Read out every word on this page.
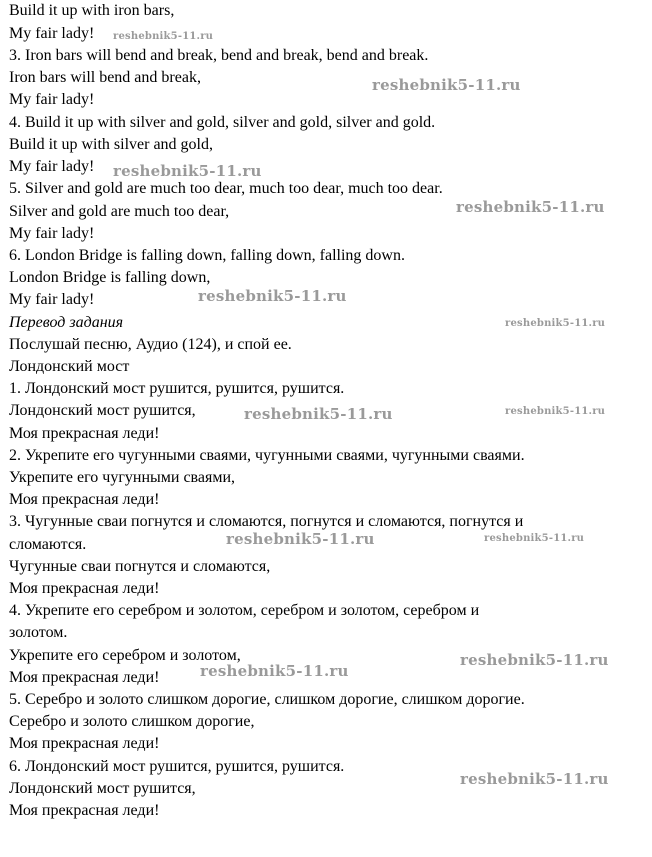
Build it up with iron bars,
My fair lady!
3. Iron bars will bend and break, bend and break, bend and break.
Iron bars will bend and break,
My fair lady!
4. Build it up with silver and gold, silver and gold, silver and gold.
Build it up with silver and gold,
My fair lady!
5. Silver and gold are much too dear, much too dear, much too dear.
Silver and gold are much too dear,
My fair lady!
6. London Bridge is falling down, falling down, falling down.
London Bridge is falling down,
My fair lady!
Перевод задания
Послушай песню, Аудио (124), и спой ее.
Лондонский мост
1. Лондонский мост рушится, рушится, рушится.
Лондонский мост рушится,
Моя прекрасная леди!
2. Укрепите его чугунными сваями, чугунными сваями, чугунными сваями.
Укрепите его чугунными сваями,
Моя прекрасная леди!
3. Чугунные сваи погнутся и сломаются, погнутся и сломаются, погнутся и
сломаются.
Чугунные сваи погнутся и сломаются,
Моя прекрасная леди!
4. Укрепите его серебром и золотом, серебром и золотом, серебром и
золотом.
Укрепите его серебром и золотом,
Моя прекрасная леди!
5. Серебро и золото слишком дорогие, слишком дорогие, слишком дорогие.
Серебро и золото слишком дорогие,
Моя прекрасная леди!
6. Лондонский мост рушится, рушится, рушится.
Лондонский мост рушится,
Моя прекрасная леди!
reshebnik5-11.ru
reshebnik5-11.ru
reshebnik5-11.ru
reshebnik5-11.ru
reshebnik5-11.ru
reshebnik5-11.ru
reshebnik5-11.ru	reshebnik5-11.ru
reshebnik5-11.ru	reshebnik5-11.ru
reshebnik5-11.ru
reshebnik5-11.ru
reshebnik5-11.ru
